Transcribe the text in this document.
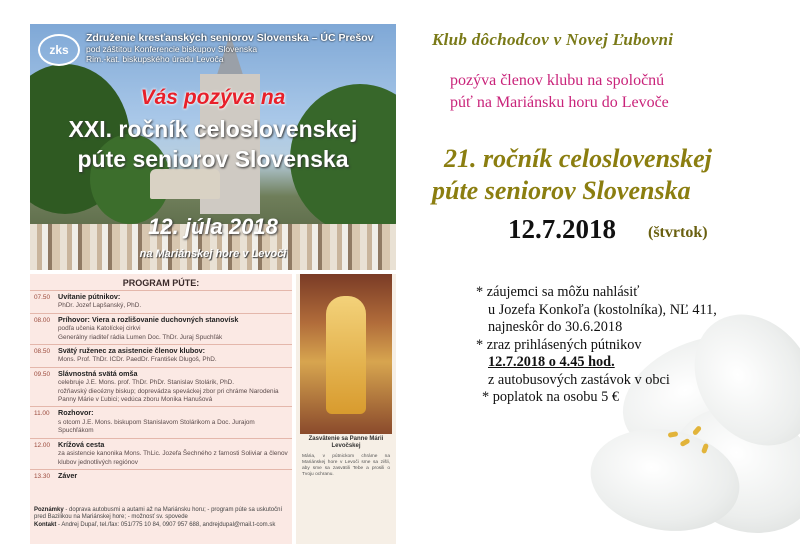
zks
Združenie kresťanských seniorov Slovenska – ÚC Prešov
pod záštitou Konferencie biskupov Slovenska
Rim.-kat. biskupského úradu Levoča
Vás pozýva na
XXI. ročník celoslovenskej
púte seniorov Slovenska
12. júla 2018
na Mariánskej hore v Levoči
PROGRAM PÚTE:
07.50	Uvítanie pútnikov:
PhDr. Jozef Lapšanský, PhD.
08.00	Príhovor: Viera a rozlišovanie duchovných stanovísk
podľa učenia Katolíckej cirkvi
Generálny riaditeľ rádia Lumen Doc. ThDr. Juraj Spuchľák
08.50	Svätý ruženec za asistencie členov klubov:
Mons. Prof. ThDr. ICDr. PaedDr. František Dlugoš, PhD.
09.50	Slávnostná svätá omša
celebruje J.E. Mons. prof. ThDr. PhDr. Stanislav Stolárik, PhD.
rožňavský diecézny biskup; doprevádza speváckej zbor pri chráme Narodenia Panny Márie v Ľubici; vedúca zboru Monika Hanušová
11.00	Rozhovor:
s otcom J.E. Mons. biskupom Stanislavom Stolárikom a Doc. Jurajom Spuchľákom
12.00	Krížová cesta
za asistencie kanonika Mons. ThLic. Jozefa Šechného z farnosti Soliviar a členov klubov jednotlivých regiónov
13.30	Záver
Poznámky - doprava autobusmi a autami až na Mariánsku horu; - program púte sa uskutoční pred Bazilikou na Mariánskej hore; - možnosť sv. spovede
Kontakt - Andrej Dupaľ, tel./fax: 051/775 10 84, 0907 957 688, andrejdupal@mail.t-com.sk
Zasvätenie sa Panne Márii Levočskej
Mária, v pútnickom chráme na Mariánskej hore v Levoči sme sa zišli, aby sme sa zasvätili Tebe a prosili o Tvoju ochranu.
Klub dôchodcov v Novej Ľubovni
pozýva členov klubu na spoločnú
púť na Mariánsku horu do Levoče
21. ročník celoslovenskej
púte seniorov Slovenska
12.7.2018 (štvrtok)
* záujemci sa môžu nahlásiť
u Jozefa Konkoľa (kostolníka), NĽ 411,
najneskôr do 30.6.2018
* zraz prihlásených pútnikov
12.7.2018 o 4.45 hod.
z autobusových zastávok v obci
* poplatok na osobu 5 €
